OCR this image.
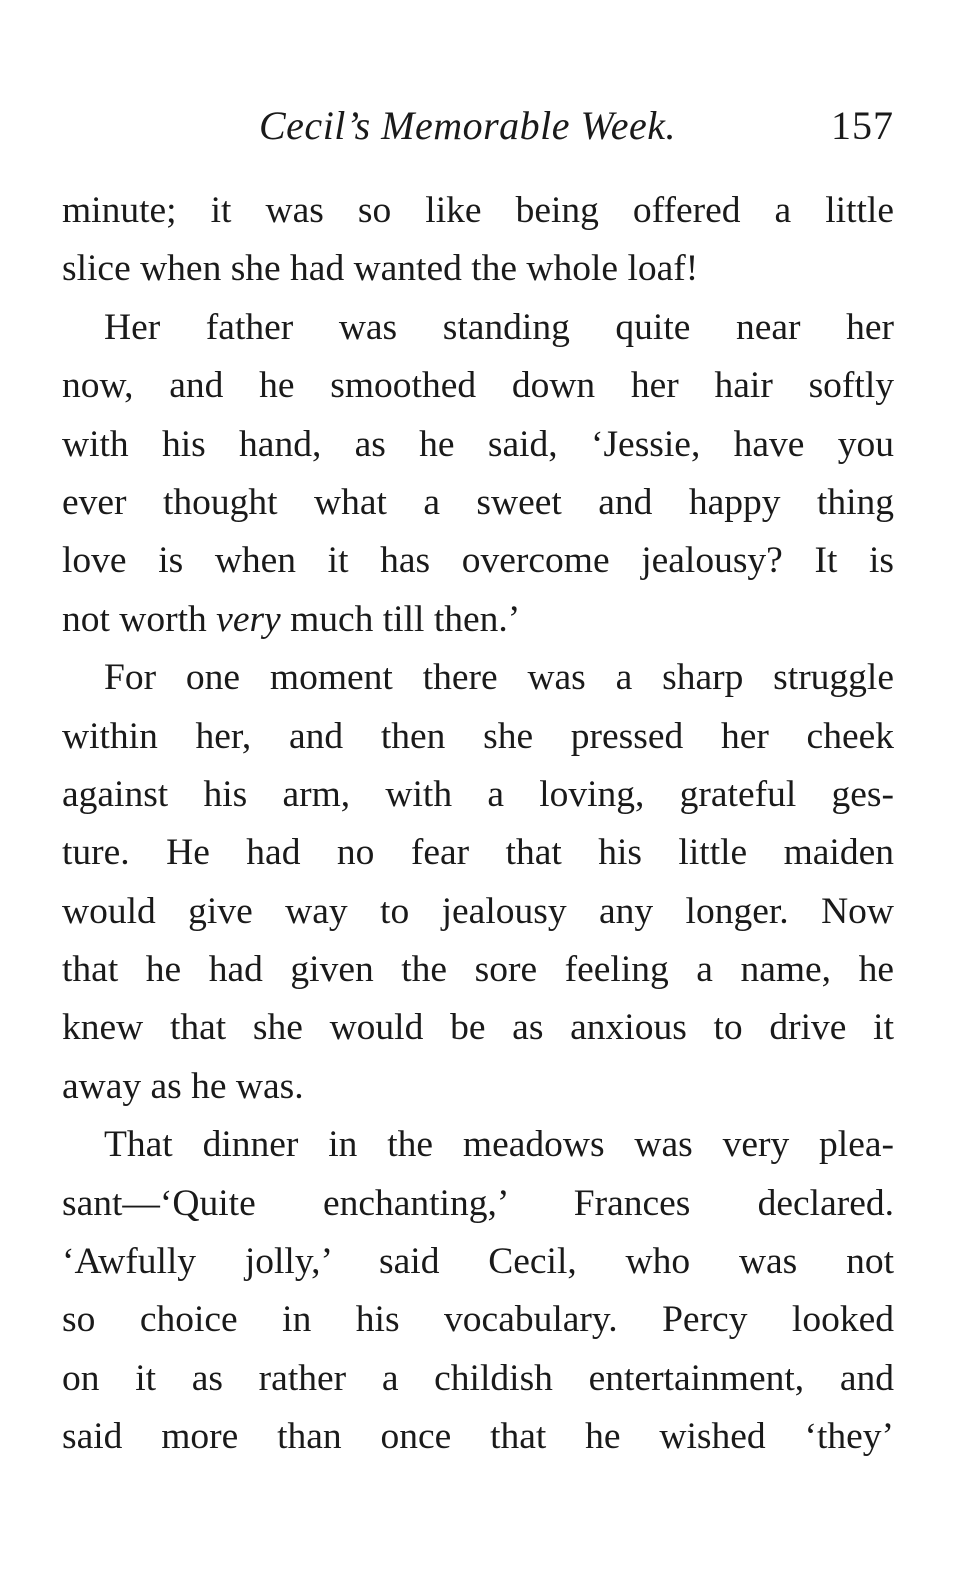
Cecil’s Memorable Week.	157
minute; it was so like being offered a little
slice when she had wanted the whole loaf!
Her father was standing quite near her
now, and he smoothed down her hair softly
with his hand, as he said, ‘Jessie, have you
ever thought what a sweet and happy thing
love is when it has overcome jealousy? It is
not worth very much till then.’
For one moment there was a sharp struggle
within her, and then she pressed her cheek
against his arm, with a loving, grateful ges-
ture. He had no fear that his little maiden
would give way to jealousy any longer. Now
that he had given the sore feeling a name, he
knew that she would be as anxious to drive it
away as he was.
That dinner in the meadows was very plea-
sant—‘Quite enchanting,’ Frances declared.
‘Awfully jolly,’ said Cecil, who was not
so choice in his vocabulary. Percy looked
on it as rather a childish entertainment, and
said more than once that he wished ‘they’
